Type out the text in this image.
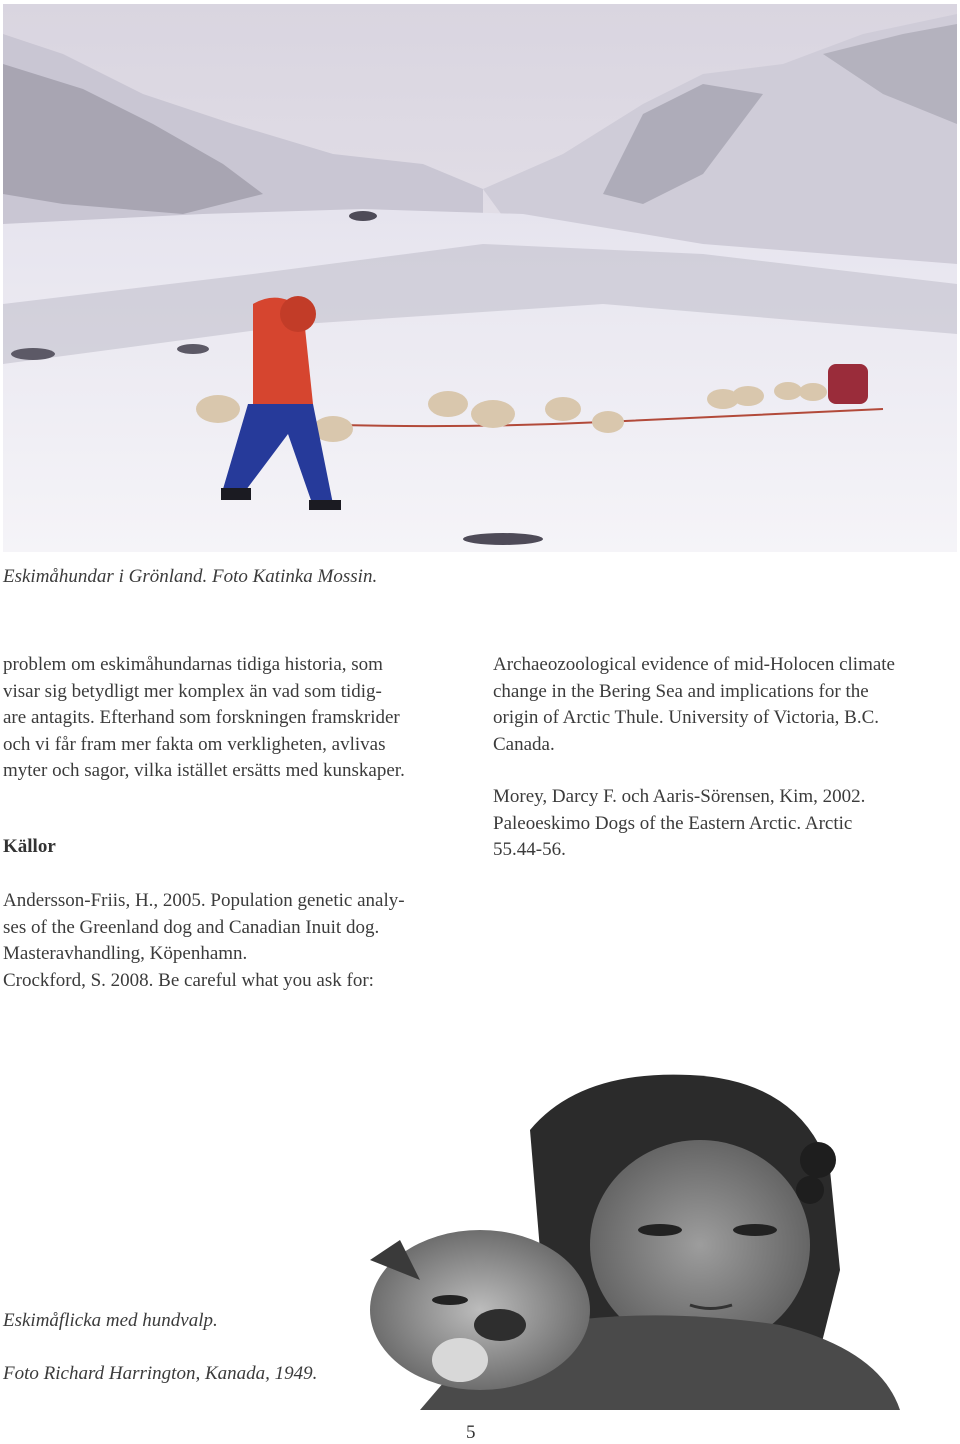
Eskimåhundar i Grönland. Foto Katinka Mossin.
problem om eskimåhundarnas tidiga historia, som
visar sig betydligt mer komplex än vad som tidig-
are antagits. Efterhand som forskningen framskrider
och vi får fram mer fakta om verkligheten, avlivas
myter och sagor, vilka istället ersätts med kunskaper.
Källor
Andersson-Friis, H., 2005. Population genetic analy-
ses of the Greenland dog and Canadian Inuit dog.
Masteravhandling, Köpenhamn.
Crockford, S. 2008. Be careful what you ask for:
Archaeozoological evidence of mid-Holocen climate
change in the Bering Sea and implications for the
origin of Arctic Thule. University of Victoria, B.C.
Canada.
Morey, Darcy F. och Aaris-Sörensen, Kim, 2002.
Paleoeskimo Dogs of the Eastern Arctic. Arctic
55.44-56.
Eskimåflicka med hundvalp.
Foto Richard Harrington, Kanada, 1949.
5
